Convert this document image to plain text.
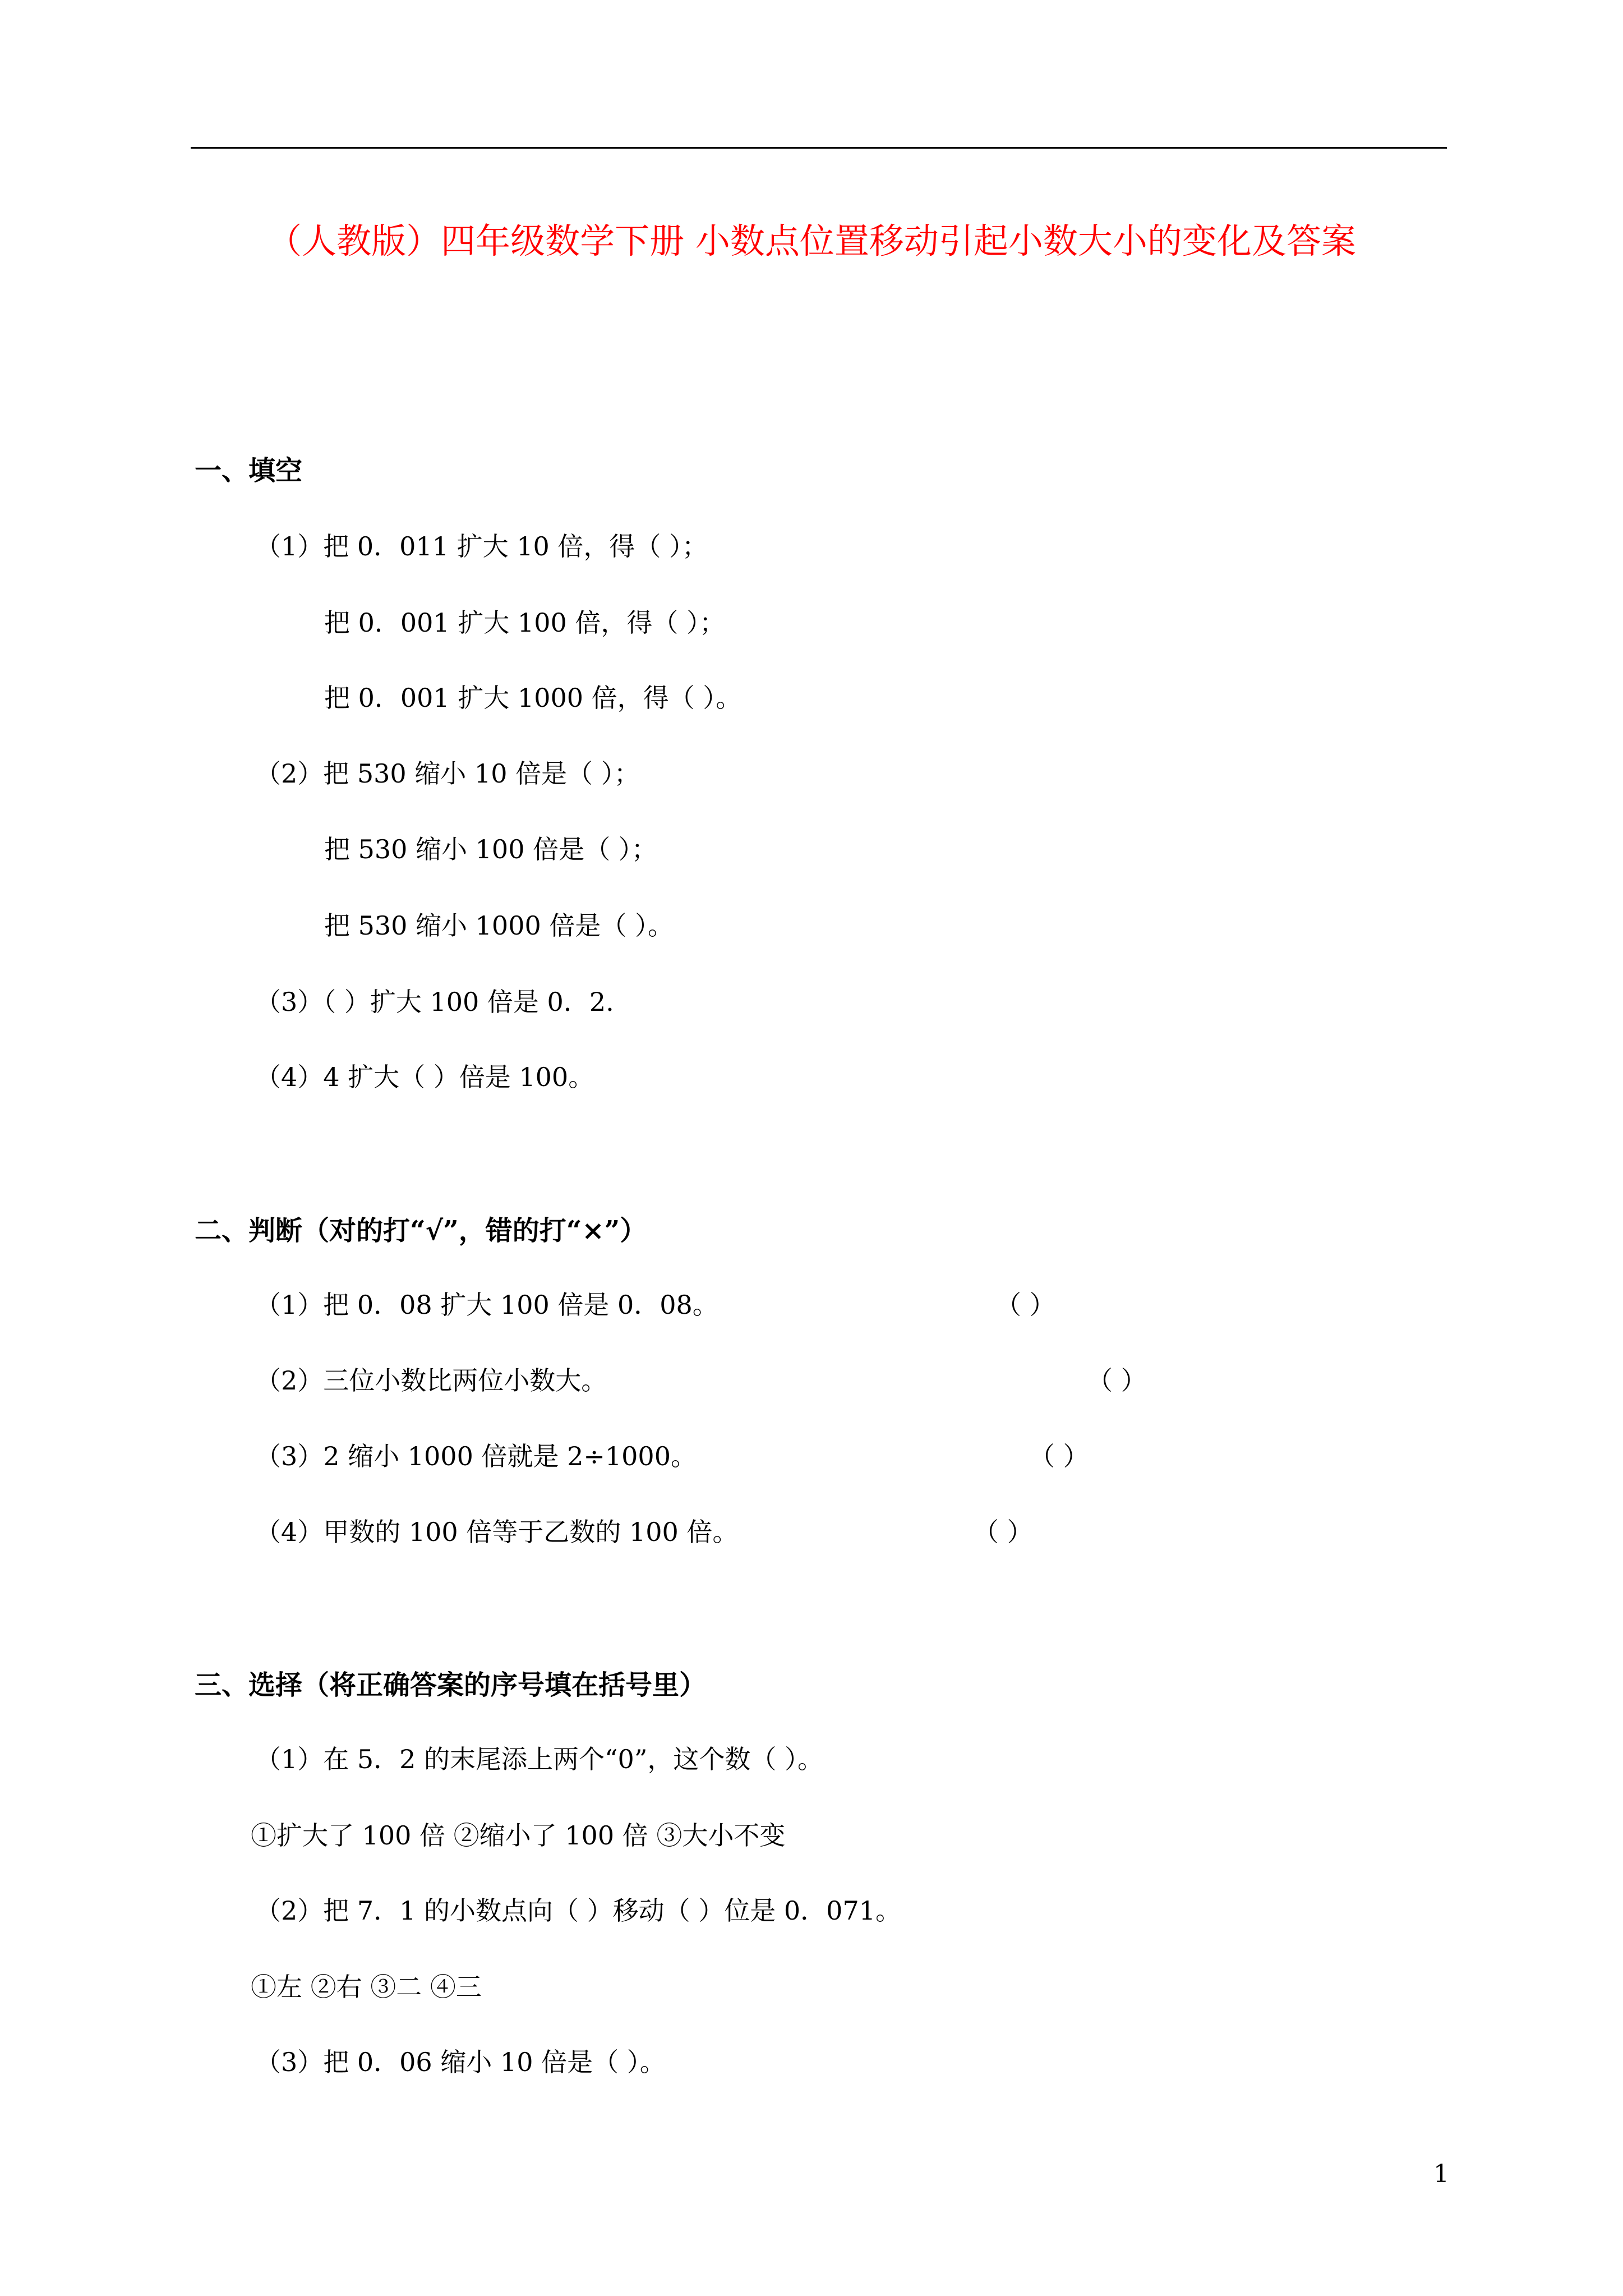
（人教版）四年级数学下册 小数点位置移动引起小数大小的变化及答案
一、填空
（1）把 0．011 扩大 10 倍，得（ ）；
把 0．001 扩大 100 倍，得（ ）；
把 0．001 扩大 1000 倍，得（ ）。
（2）把 530 缩小 10 倍是（ ）；
把 530 缩小 100 倍是（ ）；
把 530 缩小 1000 倍是（ ）。
（3）（ ）扩大 100 倍是 0．2.
（4）4 扩大（ ）倍是 100。
二、判断（对的打“√”，错的打“×”）
（1）把 0．08 扩大 100 倍是 0．08。	（ ）
（2）三位小数比两位小数大。	（ ）
（3）2 缩小 1000 倍就是 2÷1000。	（ ）
（4）甲数的 100 倍等于乙数的 100 倍。	（ ）
三、选择（将正确答案的序号填在括号里）
（1）在 5．2 的末尾添上两个“0”，这个数（ ）。
①扩大了 100 倍 ②缩小了 100 倍 ③大小不变
（2）把 7．1 的小数点向（ ）移动（ ）位是 0．071。
①左 ②右 ③二 ④三
（3）把 0．06 缩小 10 倍是（ ）。
1
